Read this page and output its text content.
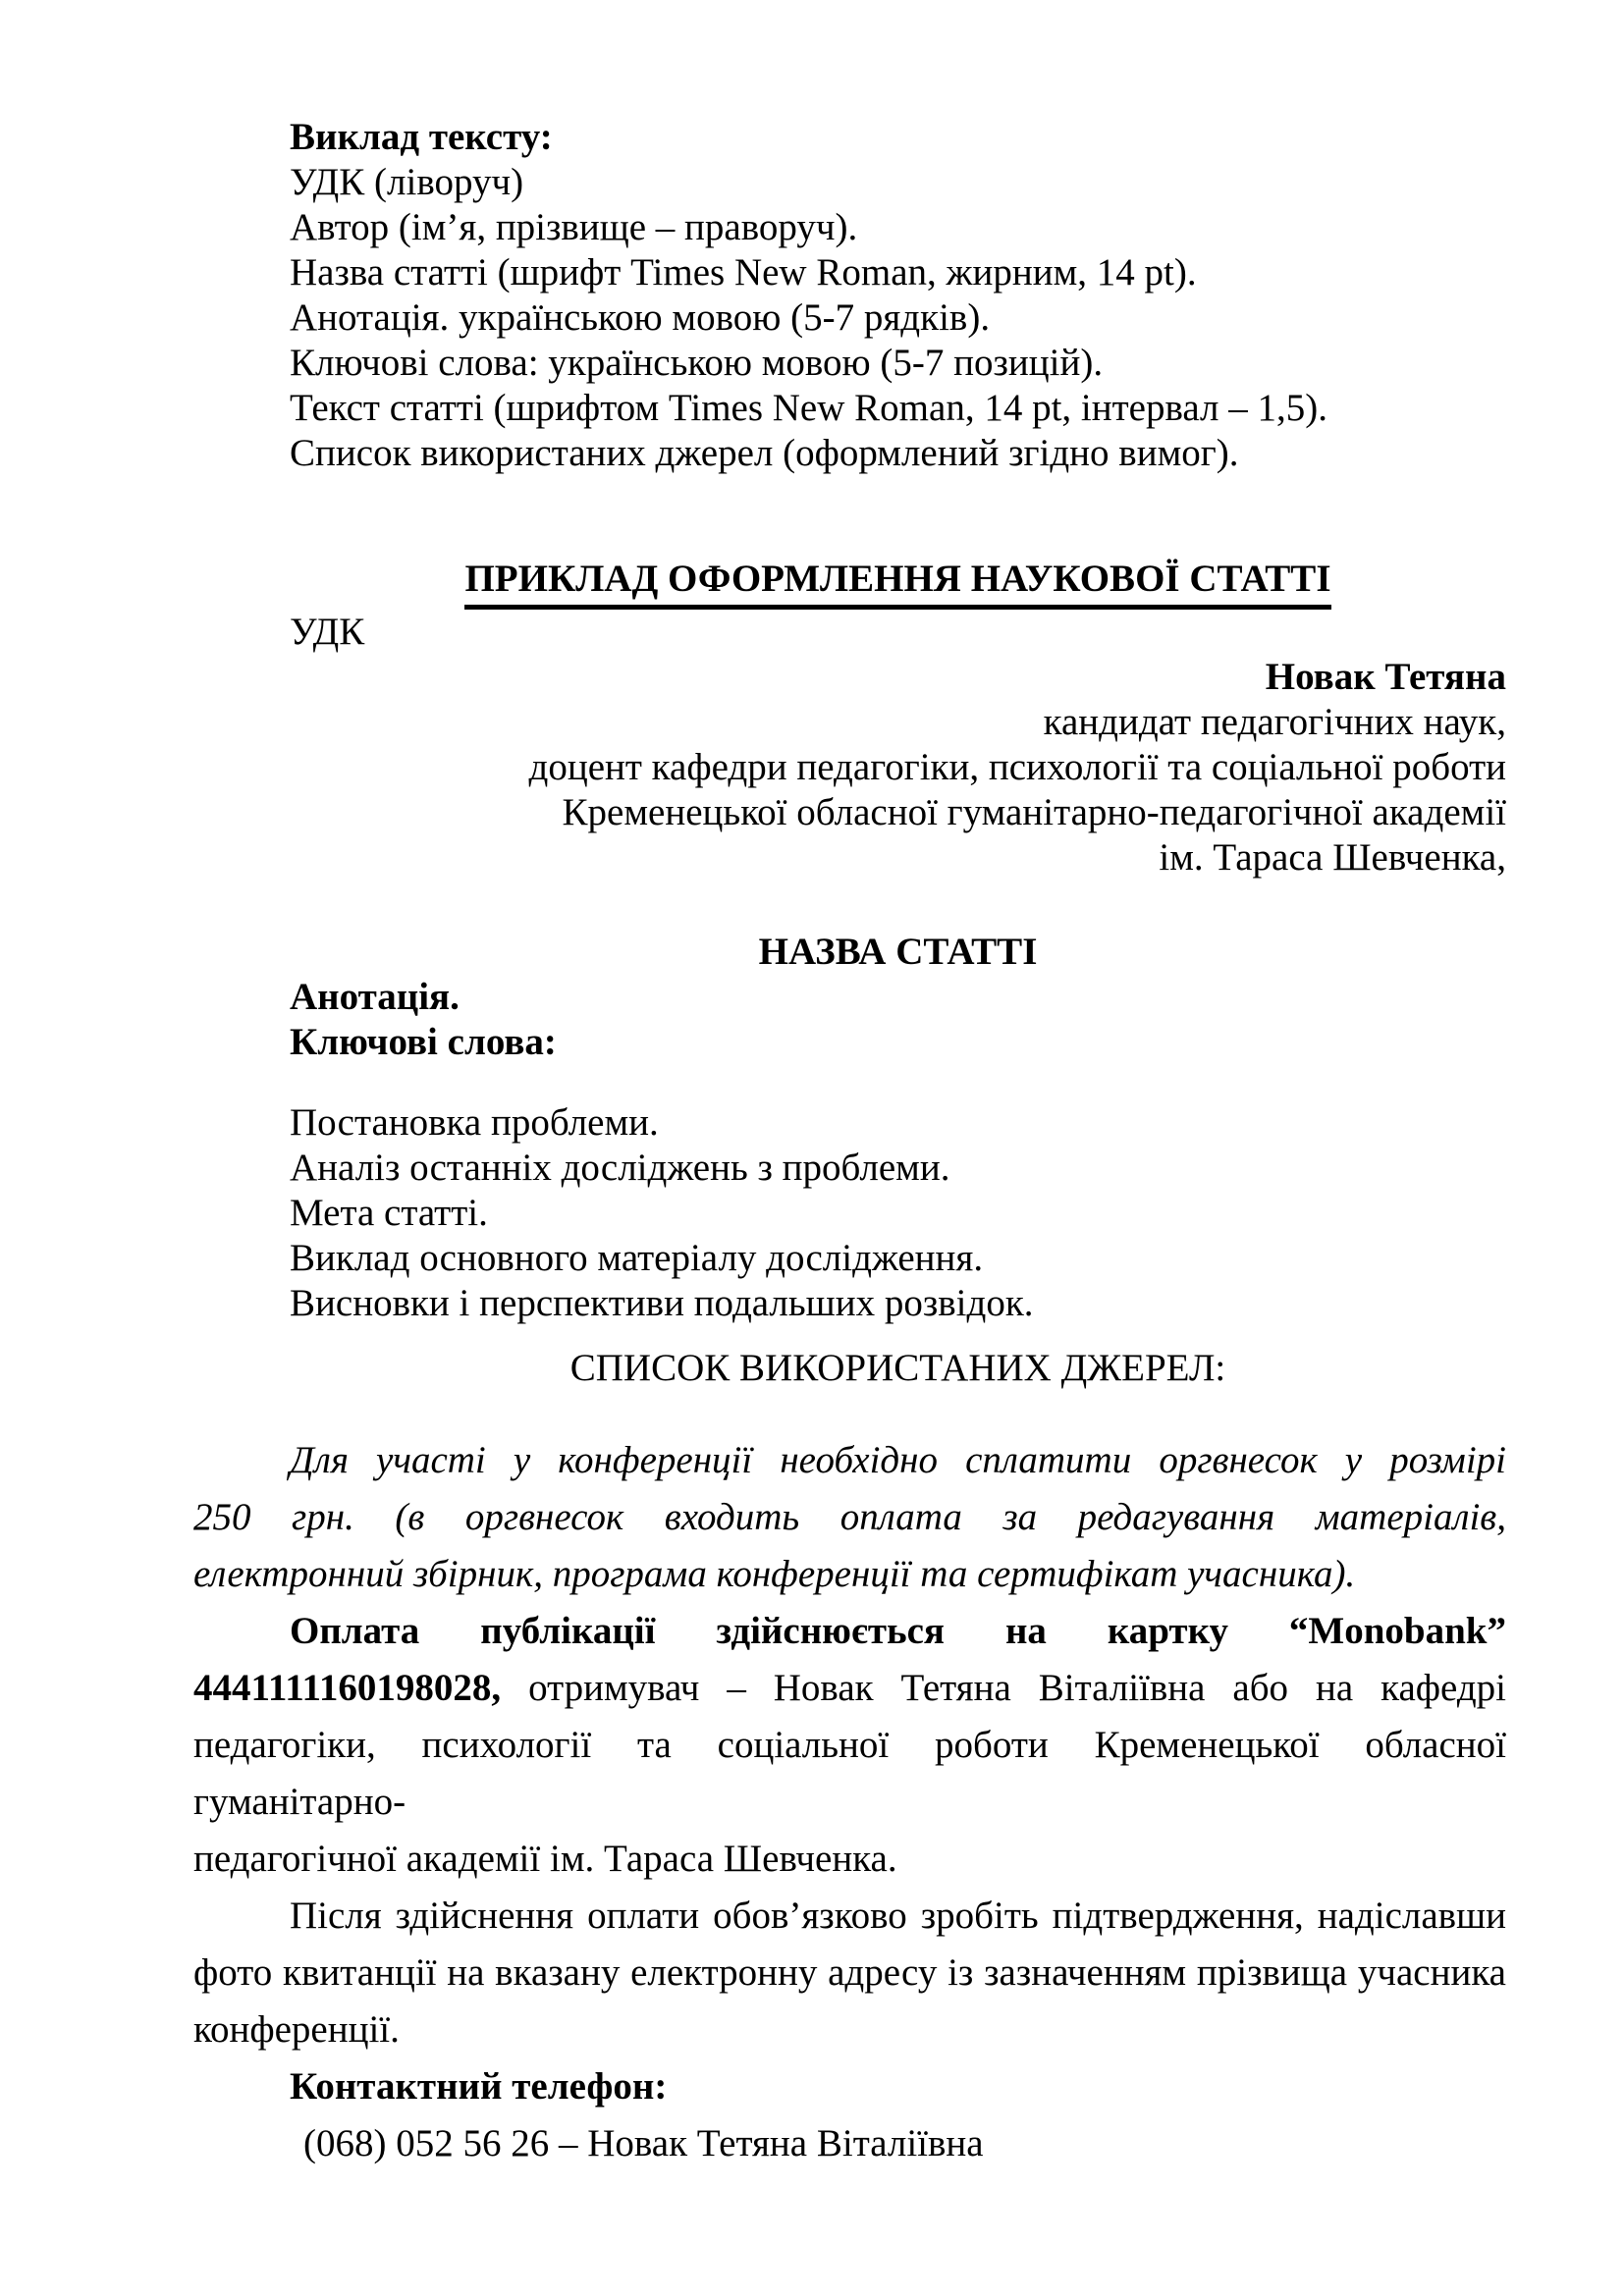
Виклад тексту:
УДК (ліворуч)
Автор (ім’я, прізвище – праворуч).
Назва статті (шрифт Times New Roman, жирним, 14 pt).
Анотація. українською мовою (5-7 рядків).
Ключові слова: українською мовою (5-7 позицій).
Текст статті (шрифтом Times New Roman, 14 pt, інтервал – 1,5).
Список використаних джерел (оформлений згідно вимог).
ПРИКЛАД ОФОРМЛЕННЯ НАУКОВОЇ СТАТТІ
УДК
Новак Тетяна
кандидат педагогічних наук,
доцент кафедри педагогіки, психології та соціальної роботи
Кременецької обласної гуманітарно-педагогічної академії
ім. Тараса Шевченка,
НАЗВА СТАТТІ
Анотація.
Ключові слова:
Постановка проблеми.
Аналіз останніх досліджень з проблеми.
Мета статті.
Виклад основного матеріалу дослідження.
Висновки і перспективи подальших розвідок.
СПИСОК ВИКОРИСТАНИХ ДЖЕРЕЛ:
Для участі у конференції необхідно сплатити оргвнесок у розмірі
250 грн. (в оргвнесок входить оплата за редагування матеріалів,
електронний збірник, програма конференції та сертифікат учасника).
Оплата публікації здійснюється на картку “Monobank”
4441111160198028, отримувач – Новак Тетяна Віталіївна або на кафедрі
педагогіки, психології та соціальної роботи Кременецької обласної гуманітарно-
педагогічної академії ім. Тараса Шевченка.
Після здійснення оплати обов’язково зробіть підтвердження, надіславши
фото квитанції на вказану електронну адресу із зазначенням прізвища учасника
конференції.
Контактний телефон:
(068) 052 56 26 – Новак Тетяна Віталіївна
